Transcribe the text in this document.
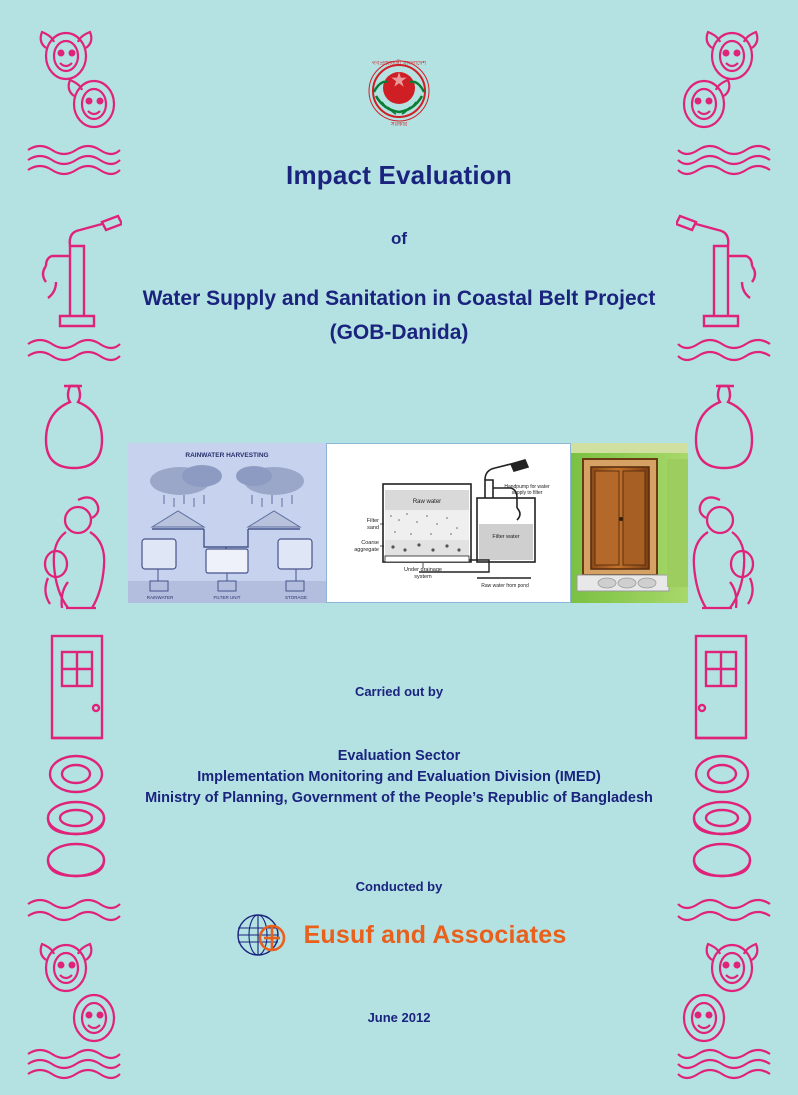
গণপ্রজাতন্ত্রী বাংলাদেশ
সরকার
Impact Evaluation
of
Water Supply and Sanitation in Coastal Belt Project
(GOB-Danida)
RAINWATER HARVESTING
RAINWATER	FILTER UNIT	STORAGE
Raw water
Filter
sand
Coarse
aggregate
Under drainage
system
Filter water
Handpump for water
supply to filter
Raw water from pond
Carried out by
Evaluation Sector
Implementation Monitoring and Evaluation Division (IMED)
Ministry of Planning, Government of the People’s Republic of Bangladesh
Conducted by
Eusuf and Associates
June 2012
